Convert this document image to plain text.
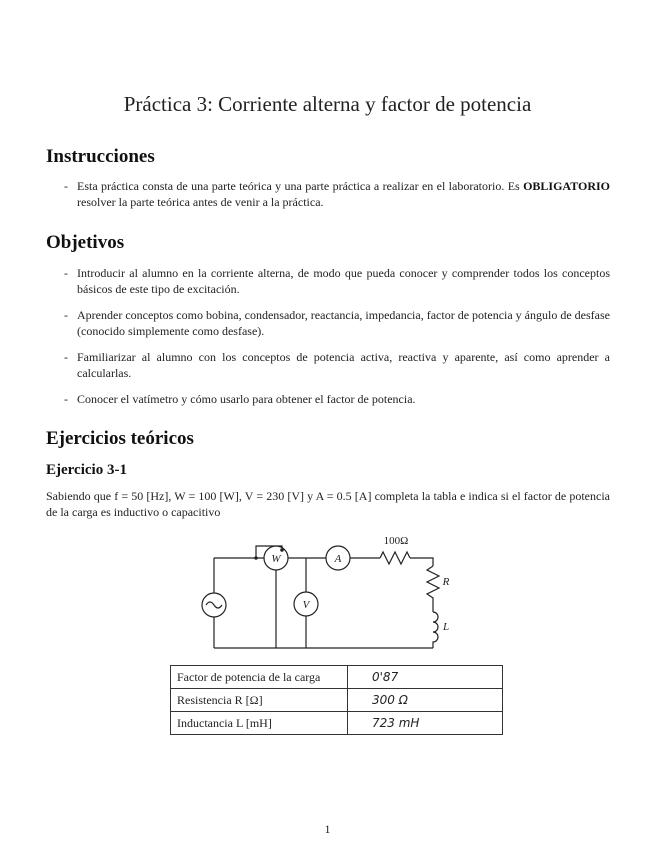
Práctica 3: Corriente alterna y factor de potencia
Instrucciones
- Esta práctica consta de una parte teórica y una parte práctica a realizar en el laboratorio. Es OBLIGATORIO resolver la parte teórica antes de venir a la práctica.
Objetivos
- Introducir al alumno en la corriente alterna, de modo que pueda conocer y comprender todos los conceptos básicos de este tipo de excitación.
- Aprender conceptos como bobina, condensador, reactancia, impedancia, factor de potencia y ángulo de desfase (conocido simplemente como desfase).
- Familiarizar al alumno con los conceptos de potencia activa, reactiva y aparente, así como aprender a calcularlas.
- Conocer el vatímetro y cómo usarlo para obtener el factor de potencia.
Ejercicios teóricos
Ejercicio 3-1
Sabiendo que f = 50 [Hz], W = 100 [W], V = 230 [V] y A = 0.5 [A] completa la tabla e indica si el factor de potencia de la carga es inductivo o capacitivo
W	A
V
R
L
100Ω
Factor de potencia de la carga	0'87
Resistencia R [Ω]	300 Ω
Inductancia L [mH]	723 mH
1
